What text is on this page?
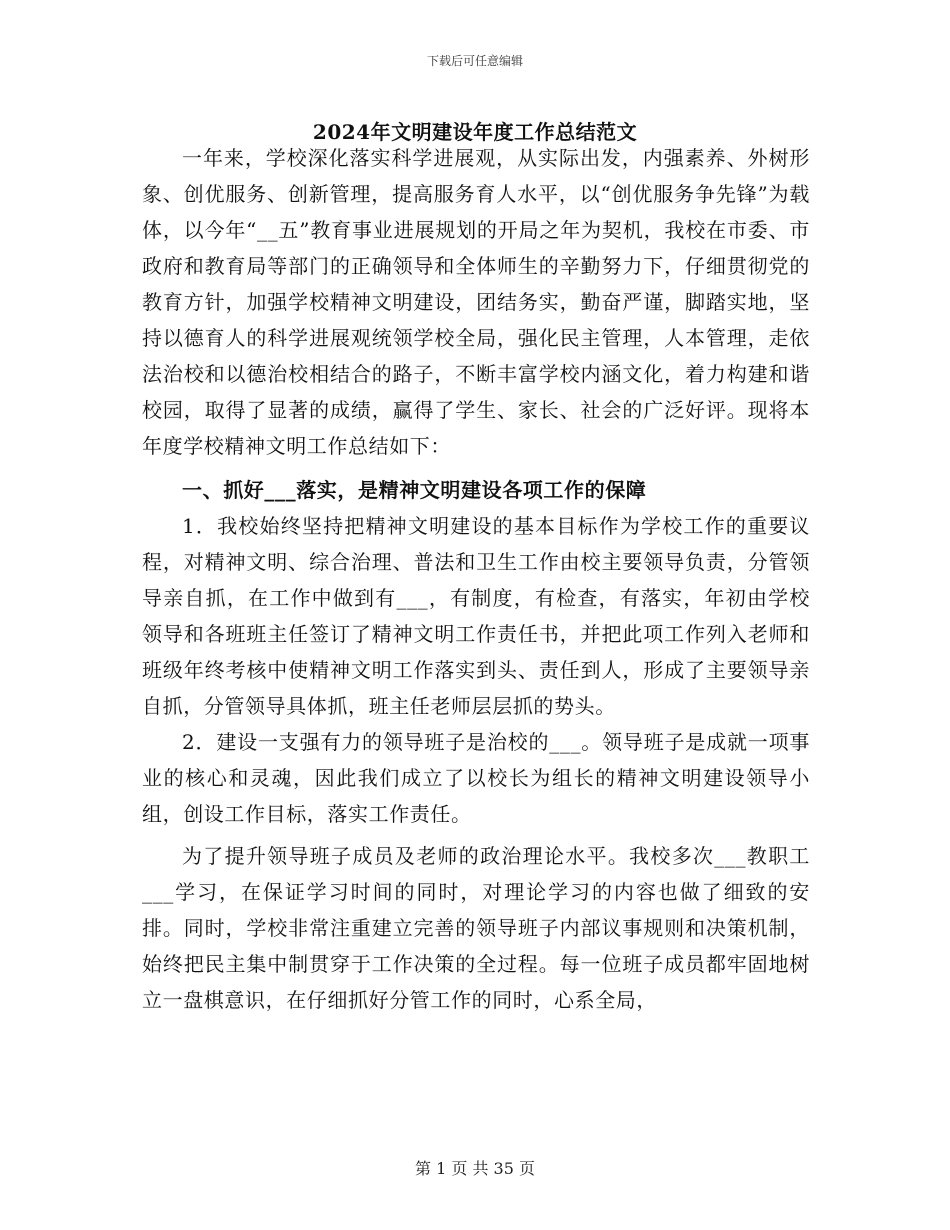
下载后可任意编辑
2024年文明建设年度工作总结范文

一年来，学校深化落实科学进展观，从实际出发，内强素养、外树形象、创优服务、创新管理，提高服务育人水平，以“创优服务争先锋”为载体，以今年“__五”教育事业进展规划的开局之年为契机，我校在市委、市政府和教育局等部门的正确领导和全体师生的辛勤努力下，仔细贯彻党的教育方针，加强学校精神文明建设，团结务实，勤奋严谨，脚踏实地，坚持以德育人的科学进展观统领学校全局，强化民主管理，人本管理，走依法治校和以德治校相结合的路子，不断丰富学校内涵文化，着力构建和谐校园，取得了显著的成绩，赢得了学生、家长、社会的广泛好评。现将本年度学校精神文明工作总结如下：

一、抓好___落实，是精神文明建设各项工作的保障

1．我校始终坚持把精神文明建设的基本目标作为学校工作的重要议程，对精神文明、综合治理、普法和卫生工作由校主要领导负责，分管领导亲自抓，在工作中做到有___，有制度，有检查，有落实，年初由学校领导和各班班主任签订了精神文明工作责任书，并把此项工作列入老师和班级年终考核中使精神文明工作落实到头、责任到人，形成了主要领导亲自抓，分管领导具体抓，班主任老师层层抓的势头。

2．建设一支强有力的领导班子是治校的___。领导班子是成就一项事业的核心和灵魂，因此我们成立了以校长为组长的精神文明建设领导小组，创设工作目标，落实工作责任。

为了提升领导班子成员及老师的政治理论水平。我校多次___教职工___学习，在保证学习时间的同时，对理论学习的内容也做了细致的安排。同时，学校非常注重建立完善的领导班子内部议事规则和决策机制，始终把民主集中制贯穿于工作决策的全过程。每一位班子成员都牢固地树立一盘棋意识，在仔细抓好分管工作的同时，心系全局，

第 1 页 共 35 页
